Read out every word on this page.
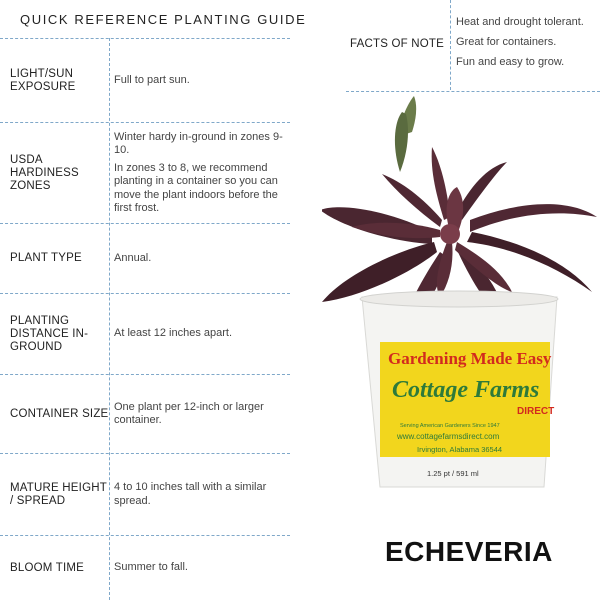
QUICK REFERENCE PLANTING GUIDE
LIGHT/SUN EXPOSURE

Full to part sun.

USDA HARDINESS ZONES

Winter hardy in-ground in zones 9-10.

In zones 3 to 8, we recommend planting in a container so you can move the plant indoors before the first frost.

PLANT TYPE	Annual.

PLANTING DISTANCE IN-GROUND

At least 12 inches apart.

CONTAINER SIZE

One plant per 12-inch or larger container.

MATURE HEIGHT / SPREAD

4 to 10 inches tall with a similar spread.

BLOOM TIME	Summer to fall.

FACTS OF NOTE
Heat and drought tolerant.
Great for containers.
Fun and easy to grow.
Gardening Made Easy
Cottage Farms
DIRECT
Serving American Gardeners Since 1947
www.cottagefarmsdirect.com
Irvington, Alabama 36544
1.25 pt / 591 ml
ECHEVERIA
